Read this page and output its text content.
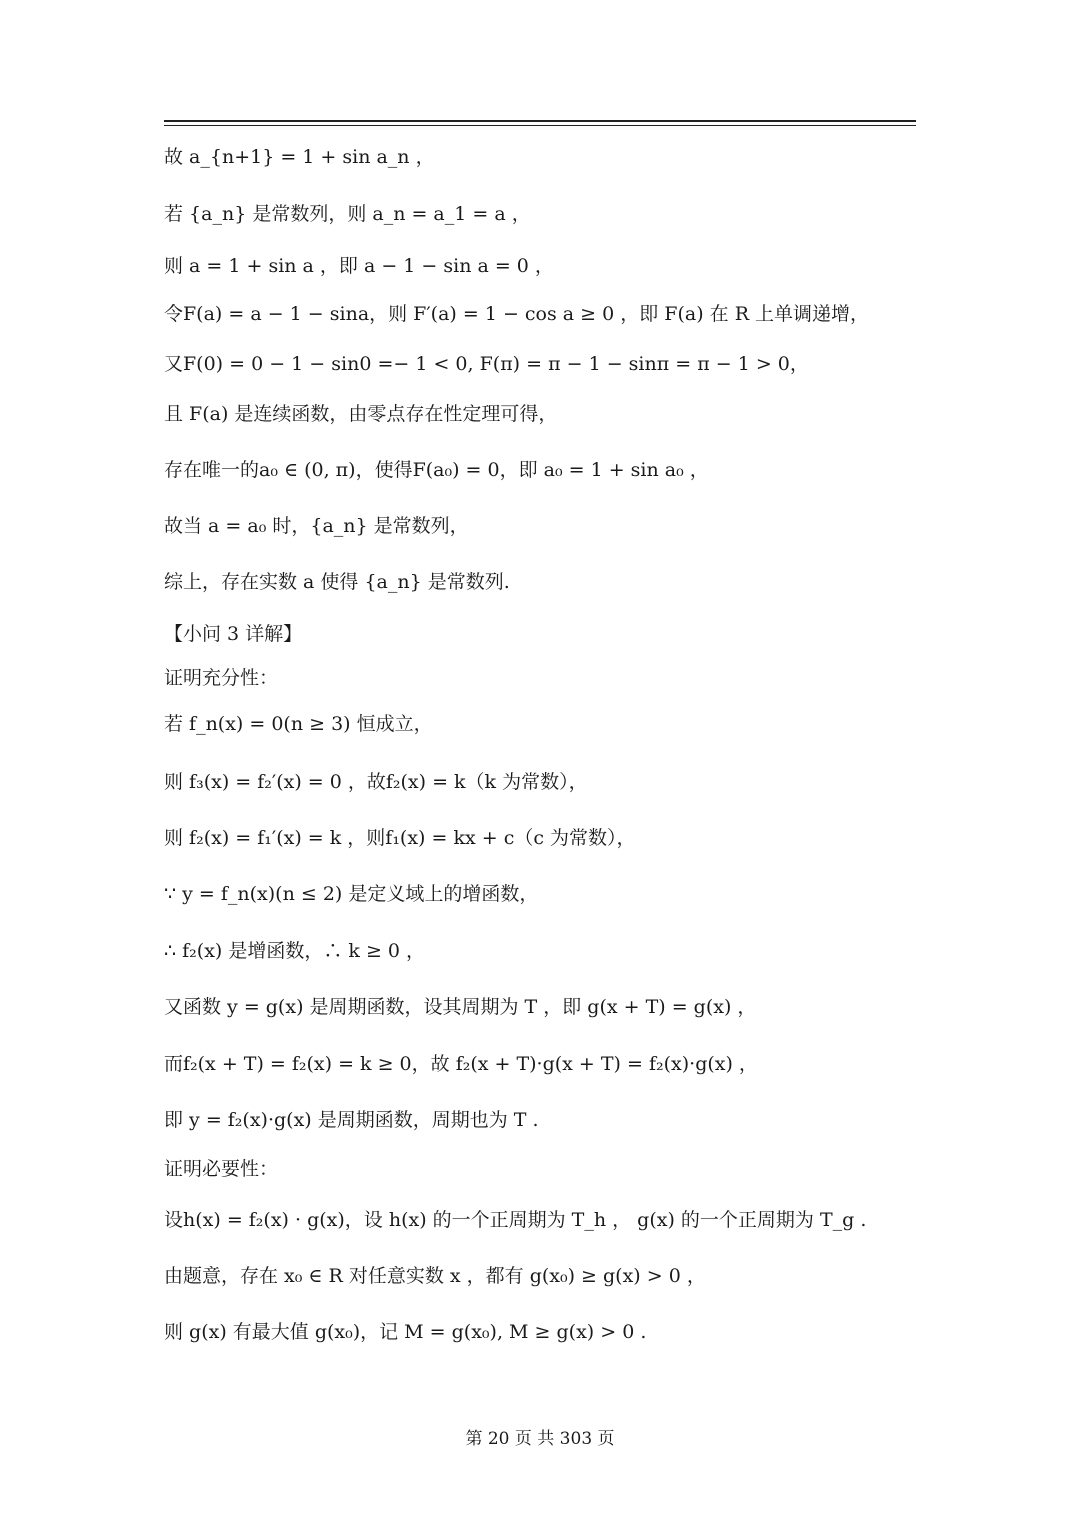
故 a_{n+1} = 1 + sin a_n ，
若 {a_n} 是常数列，则 a_n = a_1 = a ，
则 a = 1 + sin a ，即 a − 1 − sin a = 0 ，
令F(a) = a − 1 − sina，则 F′(a) = 1 − cos a ≥ 0 ，即 F(a) 在 R 上单调递增，
又F(0) = 0 − 1 − sin0 =− 1 < 0, F(π) = π − 1 − sinπ = π − 1 > 0，
且 F(a) 是连续函数，由零点存在性定理可得，
存在唯一的a₀ ∈ (0, π)，使得F(a₀) = 0，即 a₀ = 1 + sin a₀ ，
故当 a = a₀ 时，{a_n} 是常数列，
综上，存在实数 a 使得 {a_n} 是常数列.
【小问 3 详解】
证明充分性：
若 f_n(x) = 0(n ≥ 3) 恒成立，
则 f₃(x) = f₂′(x) = 0 ，故f₂(x) = k（k 为常数），
则 f₂(x) = f₁′(x) = k ，则f₁(x) = kx + c（c 为常数），
∵ y = f_n(x)(n ≤ 2) 是定义域上的增函数，
∴ f₂(x) 是增函数，∴ k ≥ 0 ，
又函数 y = g(x) 是周期函数，设其周期为 T ，即 g(x + T) = g(x) ，
而f₂(x + T) = f₂(x) = k ≥ 0，故 f₂(x + T)·g(x + T) = f₂(x)·g(x) ，
即 y = f₂(x)·g(x) 是周期函数，周期也为 T .
证明必要性：
设h(x) = f₂(x) · g(x)，设 h(x) 的一个正周期为 T_h ， g(x) 的一个正周期为 T_g .
由题意，存在 x₀ ∈ R 对任意实数 x ，都有 g(x₀) ≥ g(x) > 0 ，
则 g(x) 有最大值 g(x₀)，记 M = g(x₀), M ≥ g(x) > 0 .
第 20 页 共 303 页
